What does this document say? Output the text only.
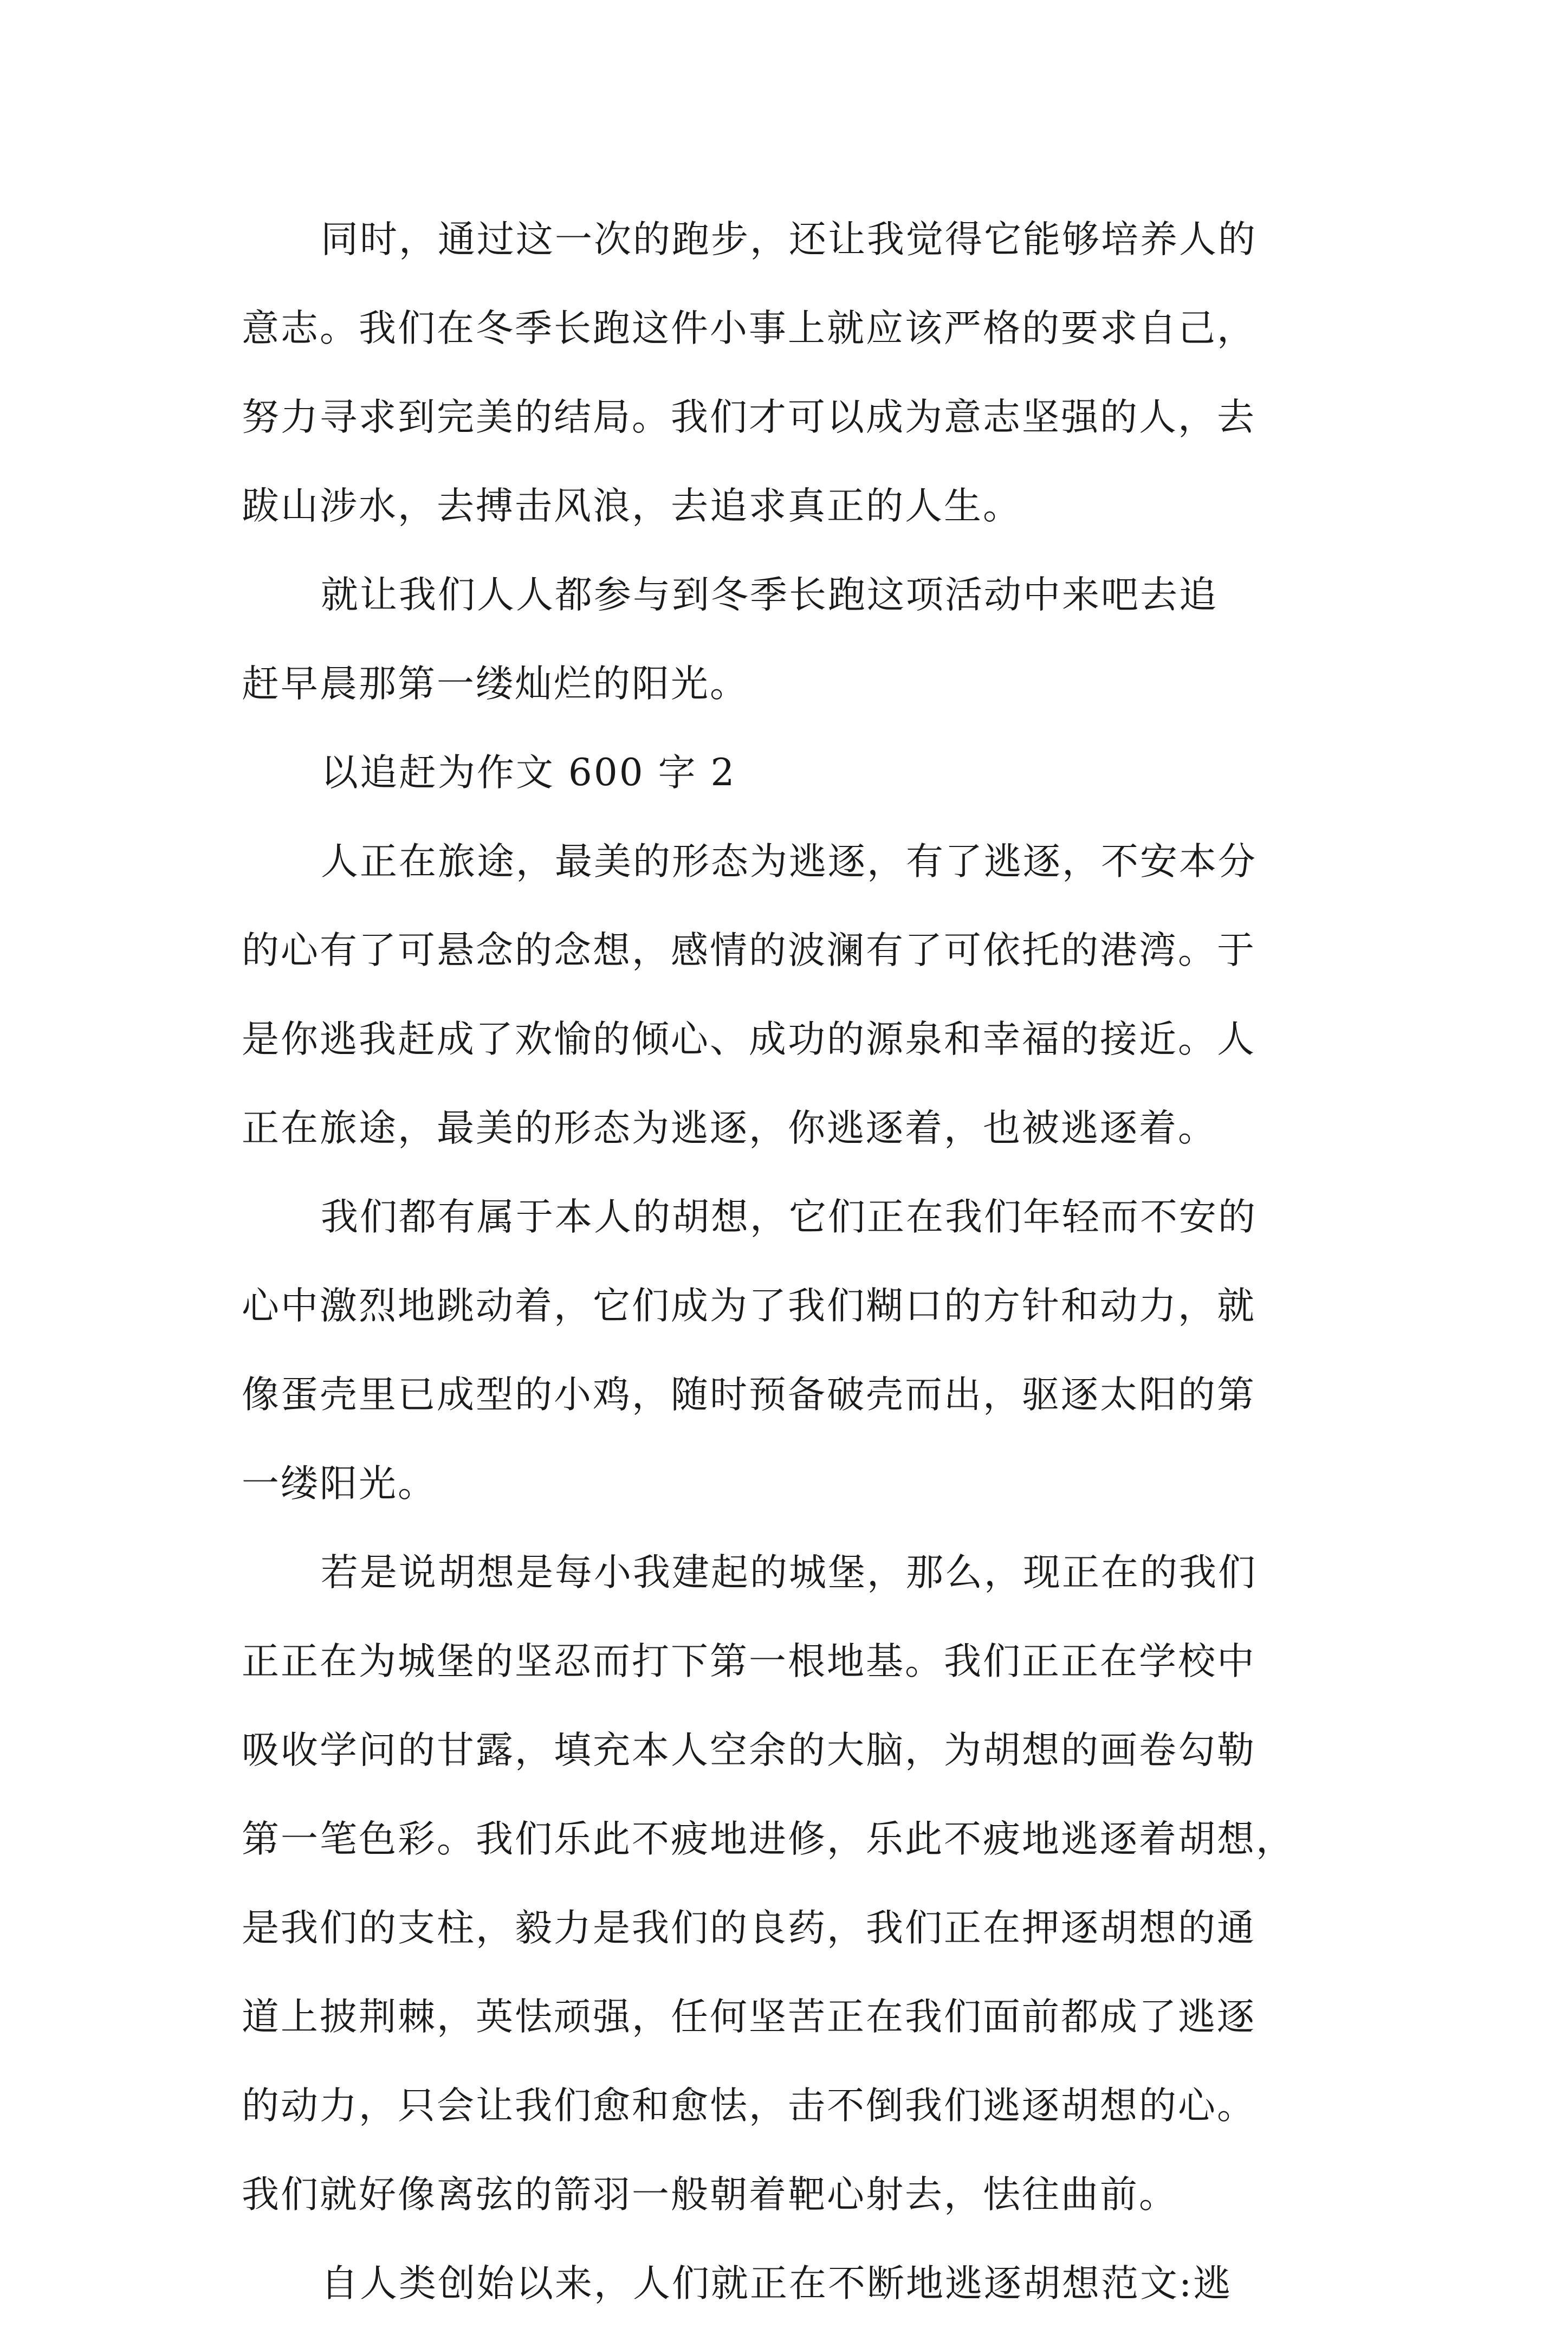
同时，通过这一次的跑步，还让我觉得它能够培养人的
意志。我们在冬季长跑这件小事上就应该严格的要求自己，
努力寻求到完美的结局。我们才可以成为意志坚强的人，去
跋山涉水，去搏击风浪，去追求真正的人生。

就让我们人人都参与到冬季长跑这项活动中来吧去追
赶早晨那第一缕灿烂的阳光。

以追赶为作文 600 字 2

人正在旅途，最美的形态为逃逐，有了逃逐，不安本分
的心有了可悬念的念想，感情的波澜有了可依托的港湾。于
是你逃我赶成了欢愉的倾心、成功的源泉和幸福的接近。人
正在旅途，最美的形态为逃逐，你逃逐着，也被逃逐着。

我们都有属于本人的胡想，它们正在我们年轻而不安的
心中激烈地跳动着，它们成为了我们糊口的方针和动力，就
像蛋壳里已成型的小鸡，随时预备破壳而出，驱逐太阳的第
一缕阳光。

若是说胡想是每小我建起的城堡，那么，现正在的我们
正正在为城堡的坚忍而打下第一根地基。我们正正在学校中
吸收学问的甘露，填充本人空余的大脑，为胡想的画卷勾勒
第一笔色彩。我们乐此不疲地进修，乐此不疲地逃逐着胡想，
是我们的支柱，毅力是我们的良药，我们正在押逐胡想的通
道上披荆棘，英怯顽强，任何坚苦正在我们面前都成了逃逐
的动力，只会让我们愈和愈怯，击不倒我们逃逐胡想的心。
我们就好像离弦的箭羽一般朝着靶心射去，怯往曲前。

自人类创始以来，人们就正在不断地逃逐胡想范文:逃
